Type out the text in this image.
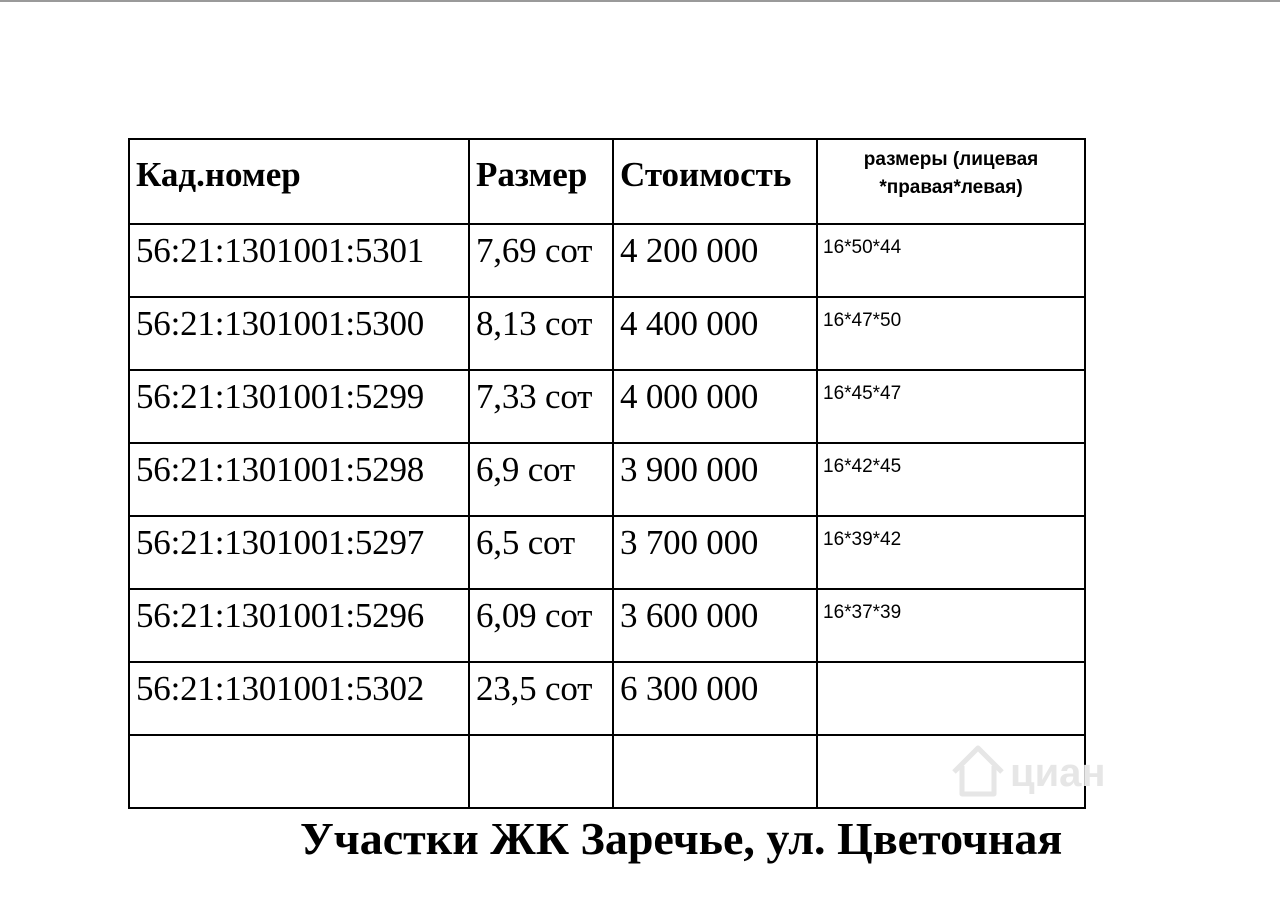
Кад.номер	Размер	Стоимость	размеры (лицевая *правая*левая)
56:21:1301001:5301	7,69 сот	4 200 000	16*50*44
56:21:1301001:5300	8,13 сот	4 400 000	16*47*50
56:21:1301001:5299	7,33 сот	4 000 000	16*45*47
56:21:1301001:5298	6,9 сот	3 900 000	16*42*45
56:21:1301001:5297	6,5 сот	3 700 000	16*39*42
56:21:1301001:5296	6,09 сот	3 600 000	16*37*39
56:21:1301001:5302	23,5 сот	6 300 000	

циан
Участки ЖК Заречье, ул. Цветочная
